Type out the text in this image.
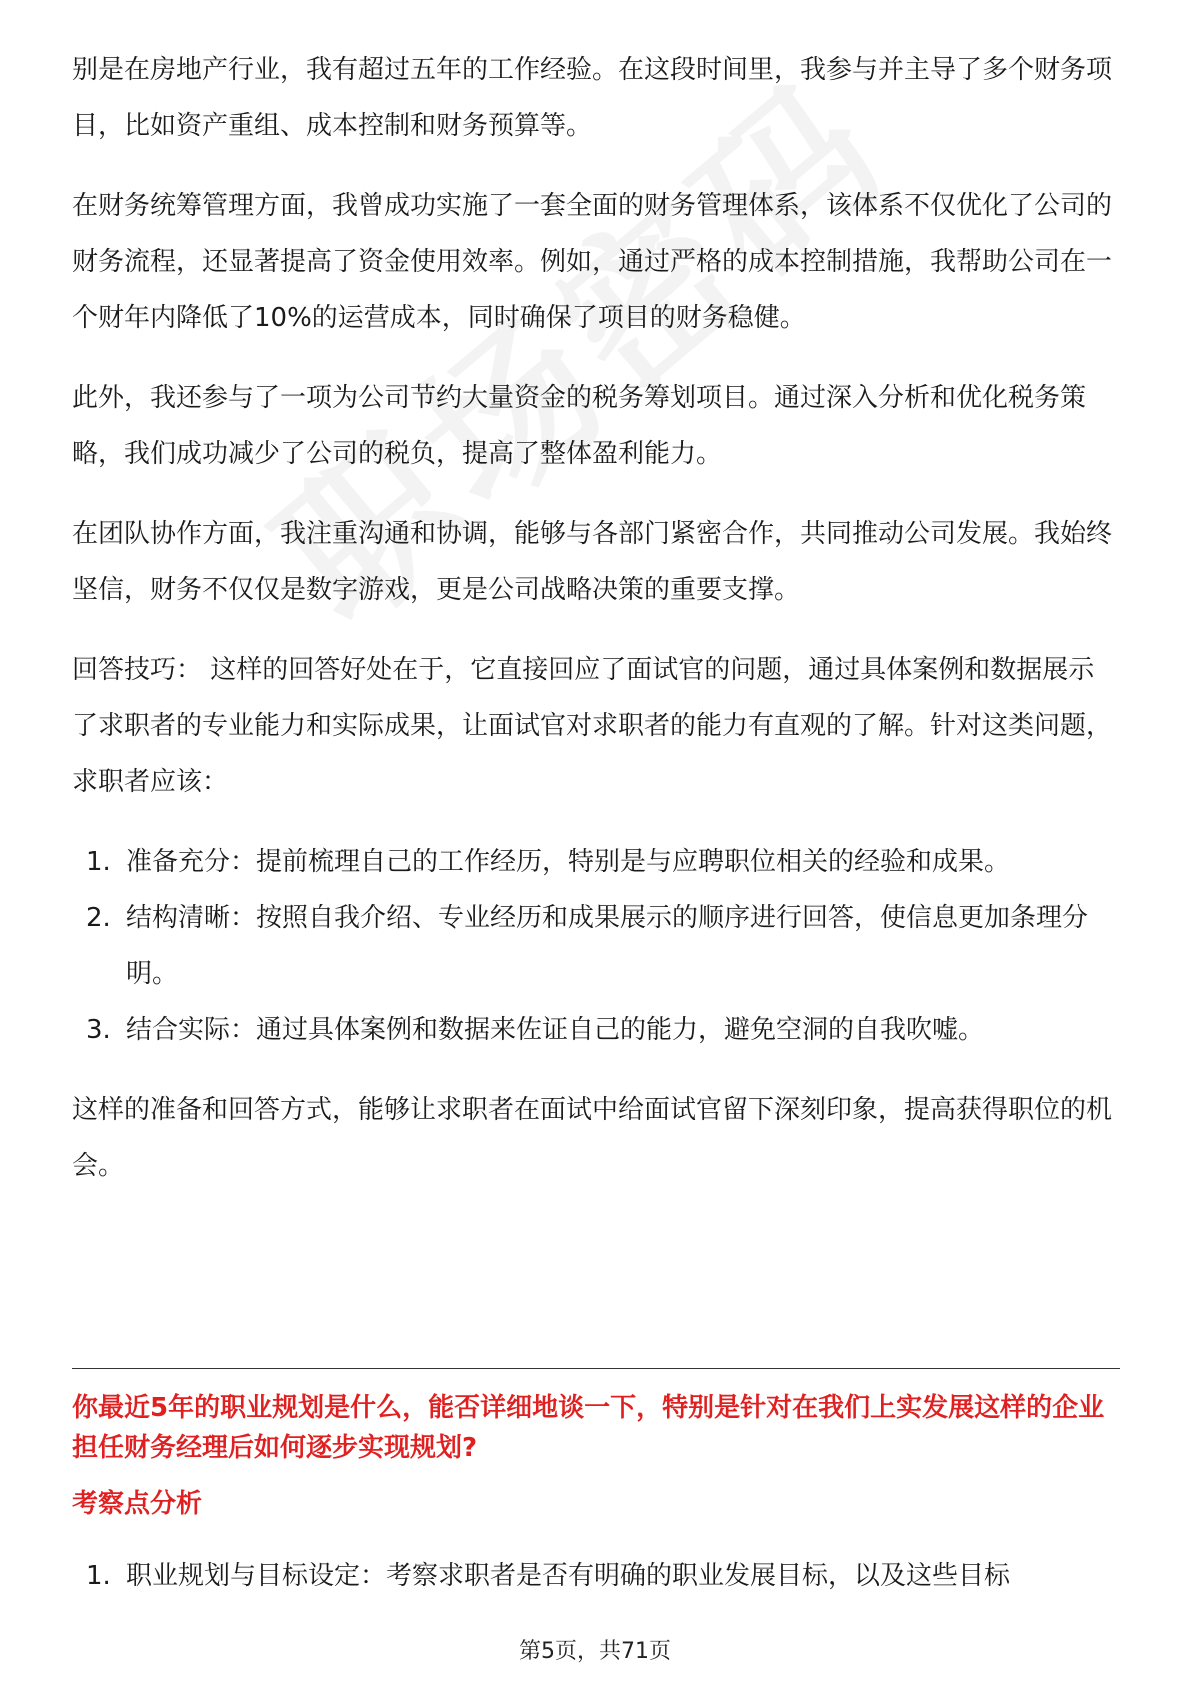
别是在房地产行业，我有超过五年的工作经验。在这段时间里，我参与并主导了多个财务项目，比如资产重组、成本控制和财务预算等。

在财务统筹管理方面，我曾成功实施了一套全面的财务管理体系，该体系不仅优化了公司的财务流程，还显著提高了资金使用效率。例如，通过严格的成本控制措施，我帮助公司在一个财年内降低了10%的运营成本，同时确保了项目的财务稳健。

此外，我还参与了一项为公司节约大量资金的税务筹划项目。通过深入分析和优化税务策略，我们成功减少了公司的税负，提高了整体盈利能力。

在团队协作方面，我注重沟通和协调，能够与各部门紧密合作，共同推动公司发展。我始终坚信，财务不仅仅是数字游戏，更是公司战略决策的重要支撑。

回答技巧： 这样的回答好处在于，它直接回应了面试官的问题，通过具体案例和数据展示了求职者的专业能力和实际成果，让面试官对求职者的能力有直观的了解。针对这类问题，求职者应该：

1. 准备充分：提前梳理自己的工作经历，特别是与应聘职位相关的经验和成果。
2. 结构清晰：按照自我介绍、专业经历和成果展示的顺序进行回答，使信息更加条理分明。
3. 结合实际：通过具体案例和数据来佐证自己的能力，避免空洞的自我吹嘘。

这样的准备和回答方式，能够让求职者在面试中给面试官留下深刻印象，提高获得职位的机会。

你最近5年的职业规划是什么，能否详细地谈一下，特别是针对在我们上实发展这样的企业担任财务经理后如何逐步实现规划?

考察点分析

1. 职业规划与目标设定：考察求职者是否有明确的职业发展目标，以及这些目标
第5页，共71页
